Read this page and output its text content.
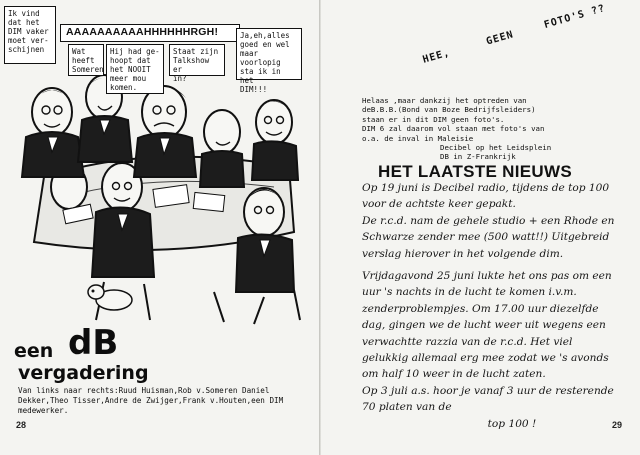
Ik vind
dat het
DIM vaker
moet ver-
schijnen
AAAAAAAAAAHHHHHHRGH!
Wat
heeft
Someren
Hij had ge-
hoopt dat
het NOOIT
meer mou
komen.
Staat zijn
Talkshow er
in?
Ja,eh,alles
goed en wel
maar voorlopig
sta ik in het
DIM!!!
een dB
vergadering
Van links naar rechts:Ruud Huisman,Rob v.Someren Daniel Dekker,Theo Tisser,Andre de Zwijger,Frank v.Houten,een DIM medewerker.
28
HEE,  GEEN  FOTO'S ??
Helaas ,maar dankzij het optreden van
deB.B.B.(Bond van Boze Bedrijfsleiders)
staan er in dit DIM geen foto's.
DIM 6 zal daarom vol staan met foto's van
o.a. de inval in Maleisie
Decibel op het Leidsplein
DB in Z-Frankrijk
HET LAATSTE NIEUWS

Op 19 juni is Decibel radio, tijdens de top 100 voor de achtste keer gepakt.

De r.c.d. nam de gehele studio + een Rhode en Schwarze zender mee (500 watt!!) Uitgebreid verslag hierover in het volgende dim.

Vrijdagavond 25 juni lukte het ons pas om een uur 's nachts in de lucht te komen i.v.m. zenderproblempjes. Om 17.00 uur diezelfde dag, gingen we de lucht weer uit wegens een verwachtte razzia van de r.c.d. Het viel gelukkig allemaal erg mee zodat we 's avonds om half 10 weer in de lucht zaten.

Op 3 juli a.s. hoor je vanaf 3 uur de resterende 70 platen van de

top 100 !	29
